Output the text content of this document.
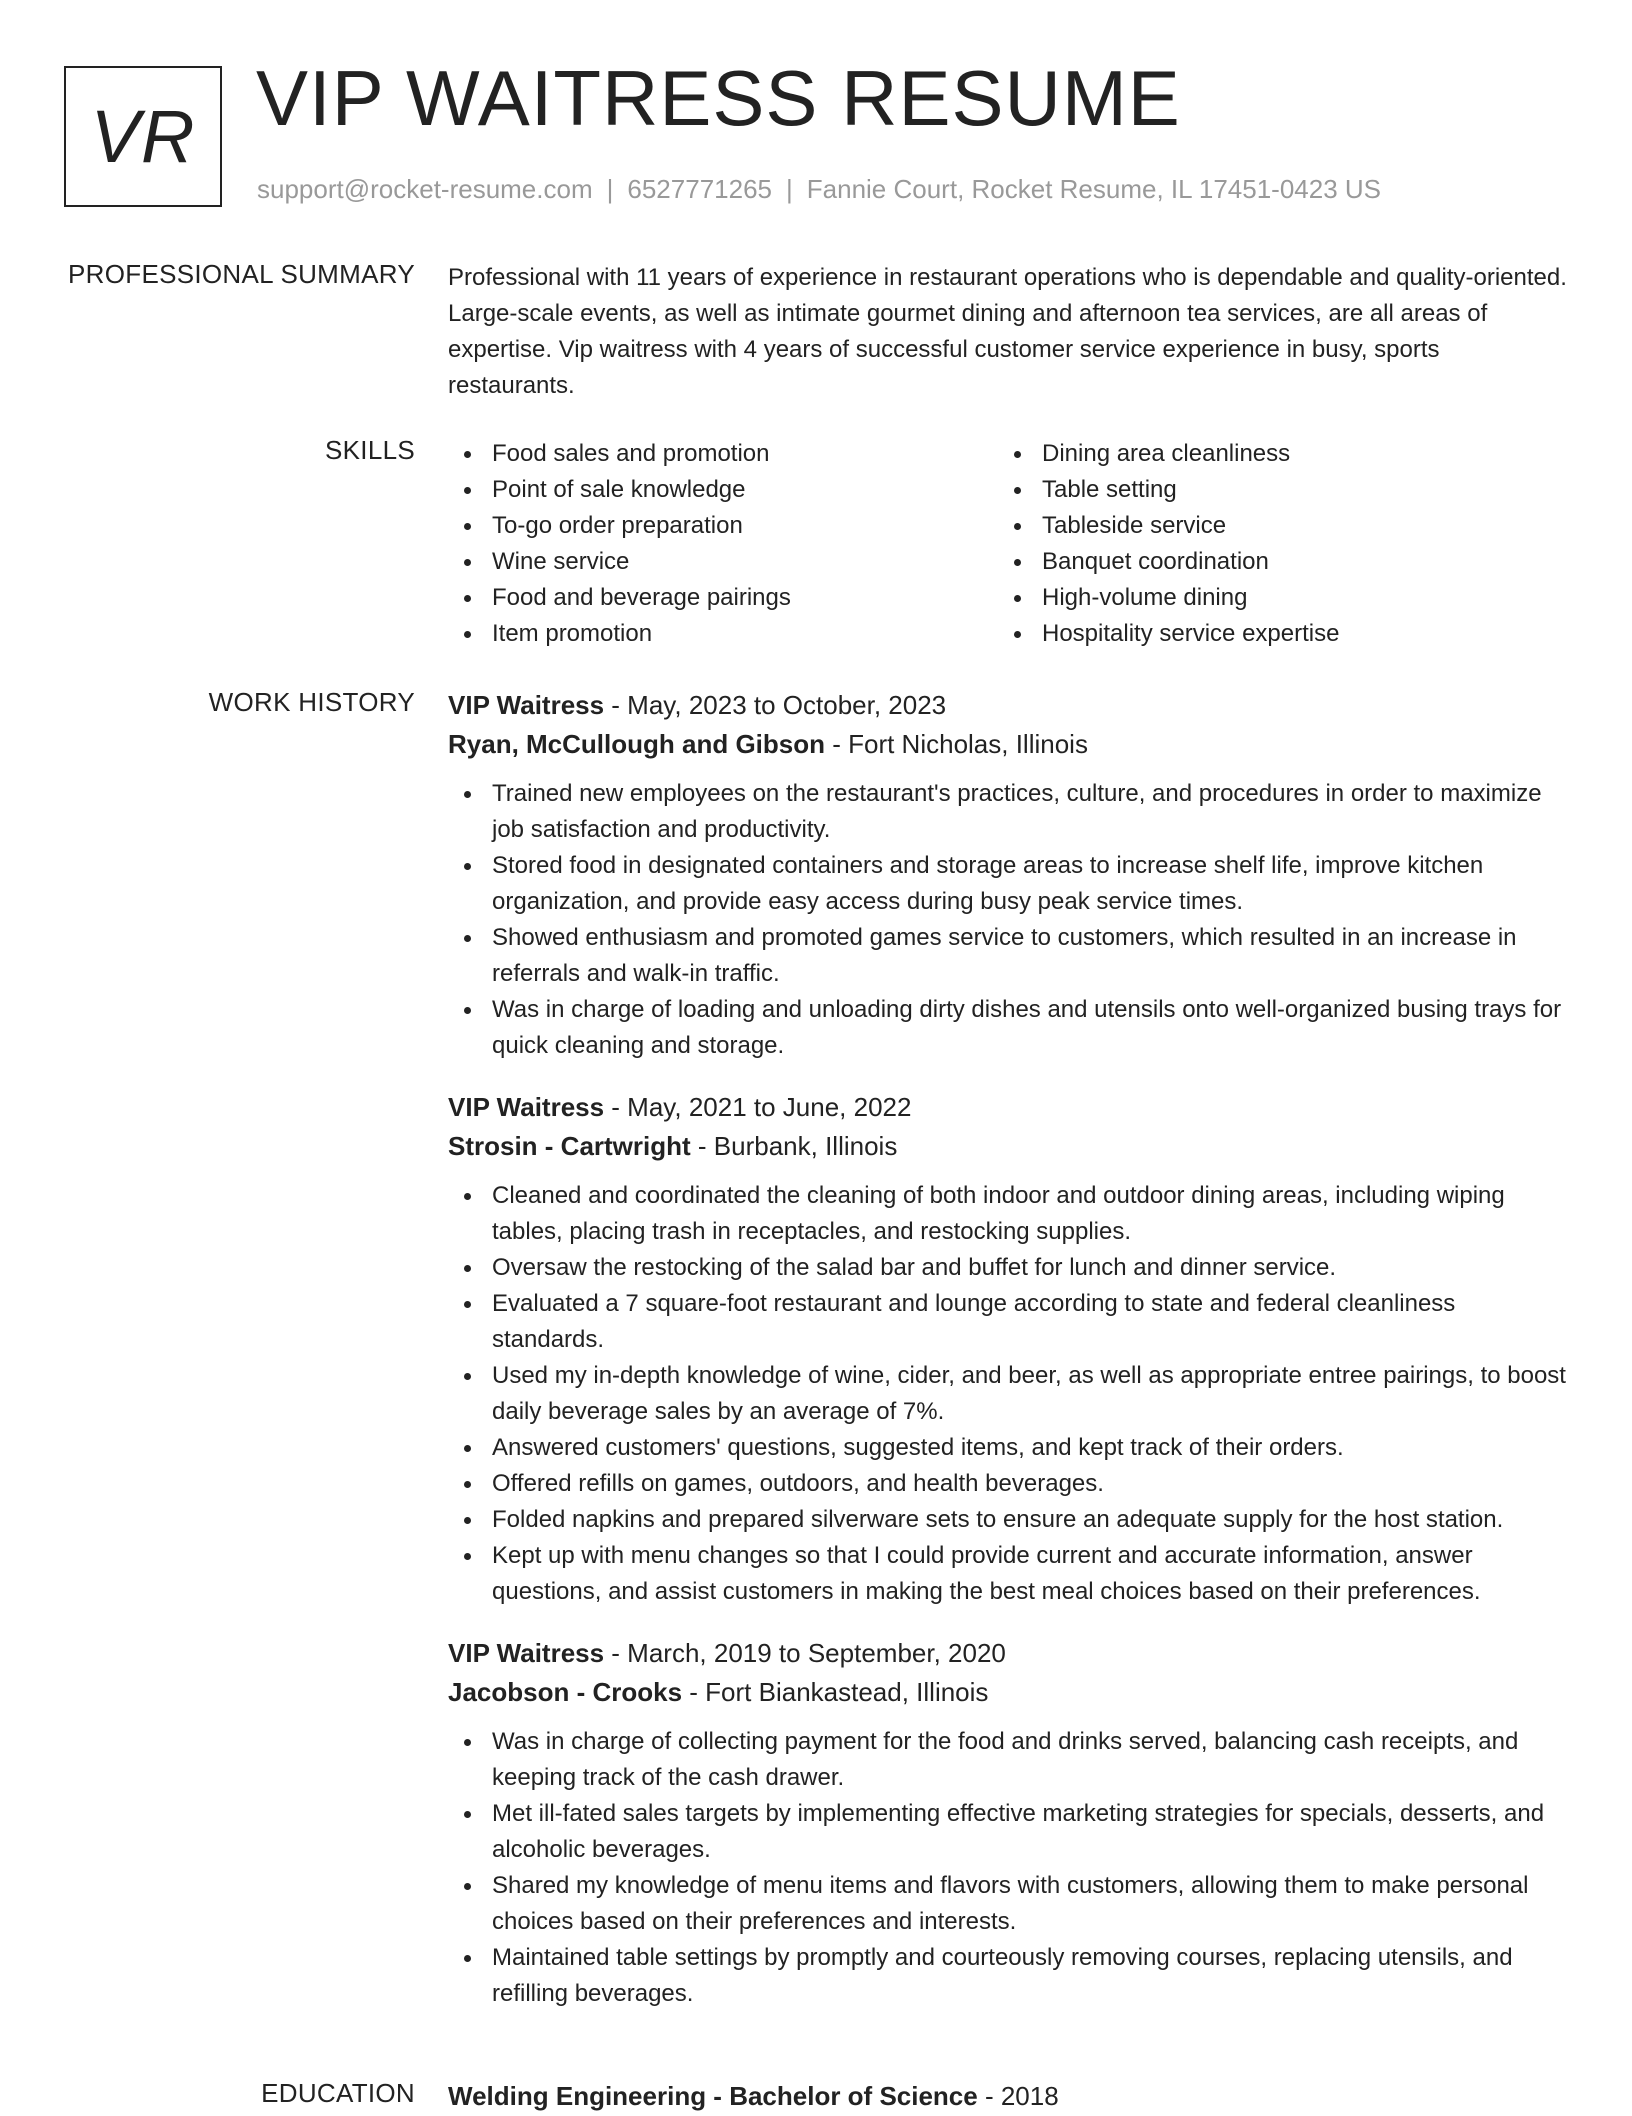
VR VIP WAITRESS RESUME
support@rocket-resume.com | 6527771265 | Fannie Court, Rocket Resume, IL 17451-0423 US
PROFESSIONAL SUMMARY Professional with 11 years of experience in restaurant operations who is dependable and quality-oriented. Large-scale events, as well as intimate gourmet dining and afternoon tea services, are all areas of expertise. Vip waitress with 4 years of successful customer service experience in busy, sports restaurants.

SKILLS	Food sales and promotion
Point of sale knowledge
To-go order preparation
Wine service
Food and beverage pairings
Item promotion
Dining area cleanliness
Table setting
Tableside service
Banquet coordination
High-volume dining
Hospitality service expertise
WORK HISTORY VIP Waitress - May, 2023 to October, 2023
Ryan, McCullough and Gibson - Fort Nicholas, Illinois
Trained new employees on the restaurant's practices, culture, and procedures in order to maximize job satisfaction and productivity.
Stored food in designated containers and storage areas to increase shelf life, improve kitchen organization, and provide easy access during busy peak service times.
Showed enthusiasm and promoted games service to customers, which resulted in an increase in referrals and walk-in traffic.
Was in charge of loading and unloading dirty dishes and utensils onto well-organized busing trays for quick cleaning and storage.
VIP Waitress - May, 2021 to June, 2022
Strosin - Cartwright - Burbank, Illinois
Cleaned and coordinated the cleaning of both indoor and outdoor dining areas, including wiping tables, placing trash in receptacles, and restocking supplies.
Oversaw the restocking of the salad bar and buffet for lunch and dinner service.
Evaluated a 7 square-foot restaurant and lounge according to state and federal cleanliness standards.
Used my in-depth knowledge of wine, cider, and beer, as well as appropriate entree pairings, to boost daily beverage sales by an average of 7%.
Answered customers' questions, suggested items, and kept track of their orders.
Offered refills on games, outdoors, and health beverages.
Folded napkins and prepared silverware sets to ensure an adequate supply for the host station.
Kept up with menu changes so that I could provide current and accurate information, answer questions, and assist customers in making the best meal choices based on their preferences.
VIP Waitress - March, 2019 to September, 2020
Jacobson - Crooks - Fort Biankastead, Illinois
Was in charge of collecting payment for the food and drinks served, balancing cash receipts, and keeping track of the cash drawer.
Met ill-fated sales targets by implementing effective marketing strategies for specials, desserts, and alcoholic beverages.
Shared my knowledge of menu items and flavors with customers, allowing them to make personal choices based on their preferences and interests.
Maintained table settings by promptly and courteously removing courses, replacing utensils, and refilling beverages.
EDUCATION Welding Engineering - Bachelor of Science - 2018
